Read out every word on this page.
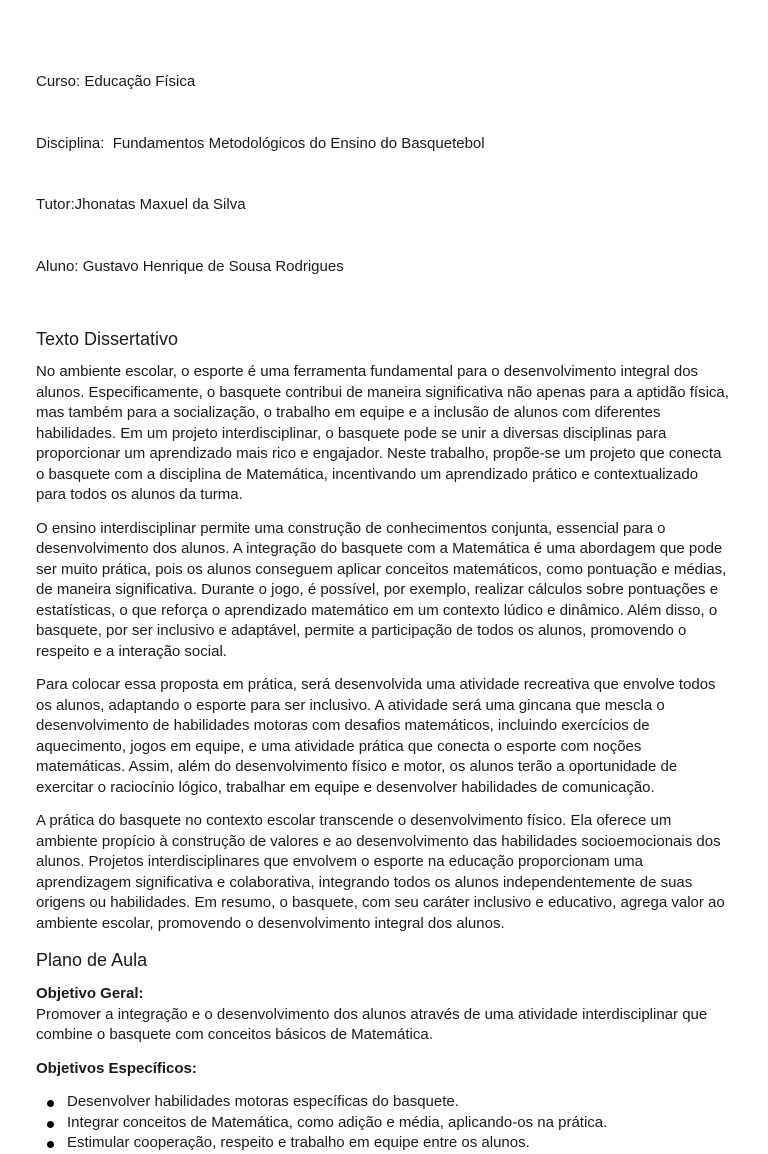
Curso: Educação Física

Disciplina:  Fundamentos Metodológicos do Ensino do Basquetebol

Tutor:Jhonatas Maxuel da Silva

Aluno: Gustavo Henrique de Sousa Rodrigues

Texto Dissertativo

No ambiente escolar, o esporte é uma ferramenta fundamental para o desenvolvimento integral dos alunos. Especificamente, o basquete contribui de maneira significativa não apenas para a aptidão física, mas também para a socialização, o trabalho em equipe e a inclusão de alunos com diferentes habilidades. Em um projeto interdisciplinar, o basquete pode se unir a diversas disciplinas para proporcionar um aprendizado mais rico e engajador. Neste trabalho, propõe-se um projeto que conecta o basquete com a disciplina de Matemática, incentivando um aprendizado prático e contextualizado para todos os alunos da turma.

O ensino interdisciplinar permite uma construção de conhecimentos conjunta, essencial para o desenvolvimento dos alunos. A integração do basquete com a Matemática é uma abordagem que pode ser muito prática, pois os alunos conseguem aplicar conceitos matemáticos, como pontuação e médias, de maneira significativa. Durante o jogo, é possível, por exemplo, realizar cálculos sobre pontuações e estatísticas, o que reforça o aprendizado matemático em um contexto lúdico e dinâmico. Além disso, o basquete, por ser inclusivo e adaptável, permite a participação de todos os alunos, promovendo o respeito e a interação social.

Para colocar essa proposta em prática, será desenvolvida uma atividade recreativa que envolve todos os alunos, adaptando o esporte para ser inclusivo. A atividade será uma gincana que mescla o desenvolvimento de habilidades motoras com desafios matemáticos, incluindo exercícios de aquecimento, jogos em equipe, e uma atividade prática que conecta o esporte com noções matemáticas. Assim, além do desenvolvimento físico e motor, os alunos terão a oportunidade de exercitar o raciocínio lógico, trabalhar em equipe e desenvolver habilidades de comunicação.

A prática do basquete no contexto escolar transcende o desenvolvimento físico. Ela oferece um ambiente propício à construção de valores e ao desenvolvimento das habilidades socioemocionais dos alunos. Projetos interdisciplinares que envolvem o esporte na educação proporcionam uma aprendizagem significativa e colaborativa, integrando todos os alunos independentemente de suas origens ou habilidades. Em resumo, o basquete, com seu caráter inclusivo e educativo, agrega valor ao ambiente escolar, promovendo o desenvolvimento integral dos alunos.

Plano de Aula
Objetivo Geral:
Promover a integração e o desenvolvimento dos alunos através de uma atividade interdisciplinar que combine o basquete com conceitos básicos de Matemática.
Objetivos Específicos:
Desenvolver habilidades motoras específicas do basquete.
Integrar conceitos de Matemática, como adição e média, aplicando-os na prática.
Estimular cooperação, respeito e trabalho em equipe entre os alunos.
